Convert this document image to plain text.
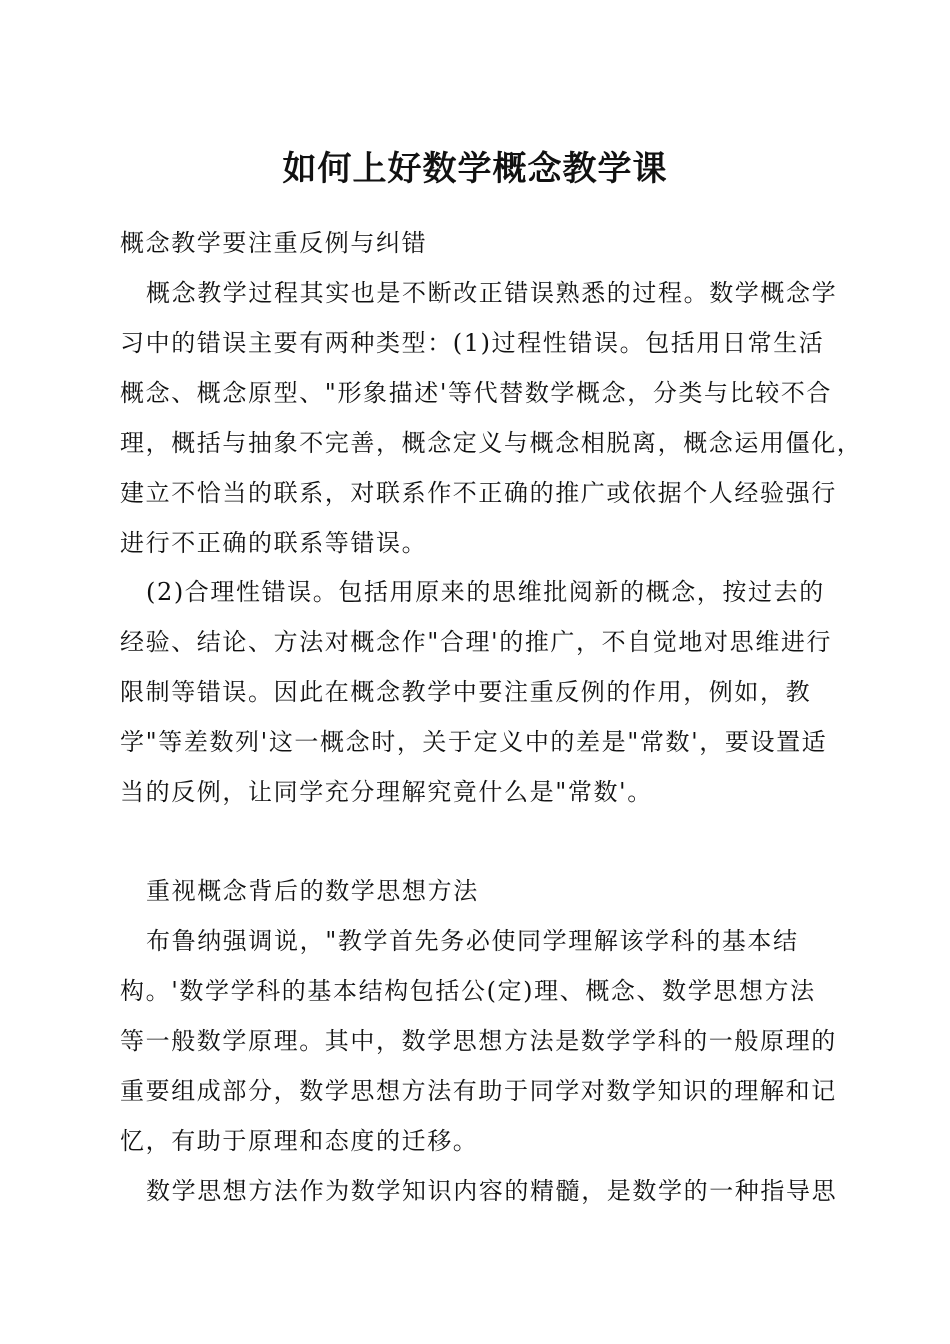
如何上好数学概念教学课
概念教学要注重反例与纠错
概念教学过程其实也是不断改正错误熟悉的过程。数学概念学
习中的错误主要有两种类型：(1)过程性错误。包括用日常生活
概念、概念原型、"形象描述'等代替数学概念，分类与比较不合
理，概括与抽象不完善，概念定义与概念相脱离，概念运用僵化，
建立不恰当的联系，对联系作不正确的推广或依据个人经验强行
进行不正确的联系等错误。
(2)合理性错误。包括用原来的思维批阅新的概念，按过去的
经验、结论、方法对概念作"合理'的推广，不自觉地对思维进行
限制等错误。因此在概念教学中要注重反例的作用，例如，教
学"等差数列'这一概念时，关于定义中的差是"常数'，要设置适
当的反例，让同学充分理解究竟什么是"常数'。
重视概念背后的数学思想方法
布鲁纳强调说，"教学首先务必使同学理解该学科的基本结
构。'数学学科的基本结构包括公(定)理、概念、数学思想方法
等一般数学原理。其中，数学思想方法是数学学科的一般原理的
重要组成部分，数学思想方法有助于同学对数学知识的理解和记
忆，有助于原理和态度的迁移。
数学思想方法作为数学知识内容的精髓，是数学的一种指导思
